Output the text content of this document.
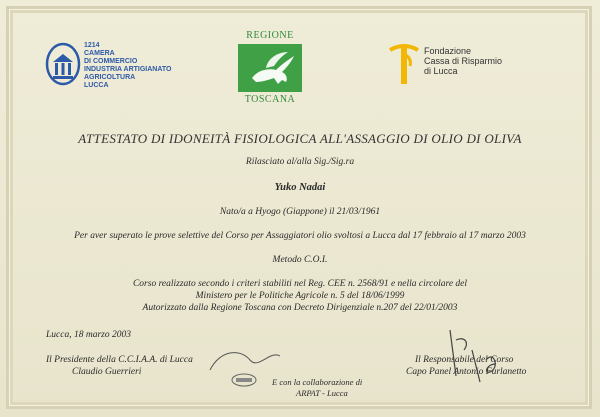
1214
CAMERA
DI COMMERCIO
INDUSTRIA ARTIGIANATO
AGRICOLTURA
LUCCA
REGIONE
TOSCANA
Fondazione
Cassa di Risparmio
di Lucca
ATTESTATO DI IDONEITÀ FISIOLOGICA ALL'ASSAGGIO DI OLIO DI OLIVA
Rilasciato al/alla Sig./Sig.ra
Yuko Nadai
Nato/a a Hyogo (Giappone) il 21/03/1961
Per aver superato le prove selettive del Corso per Assaggiatori olio svoltosi a Lucca dal 17 febbraio al 17 marzo 2003
Metodo C.O.I.
Corso realizzato secondo i criteri stabiliti nel Reg. CEE n. 2568/91 e nella circolare del
Ministero per le Politiche Agricole n. 5 del 18/06/1999
Autorizzato dalla Regione Toscana con Decreto Dirigenziale n.207 del 22/01/2003
Lucca, 18 marzo 2003
Il Presidente della C.C.I.A.A. di Lucca
Claudio Guerrieri
Il Responsabile del Corso
Capo Panel Antonio Furlanetto
E con la collaborazione di
ARPAT - Lucca
